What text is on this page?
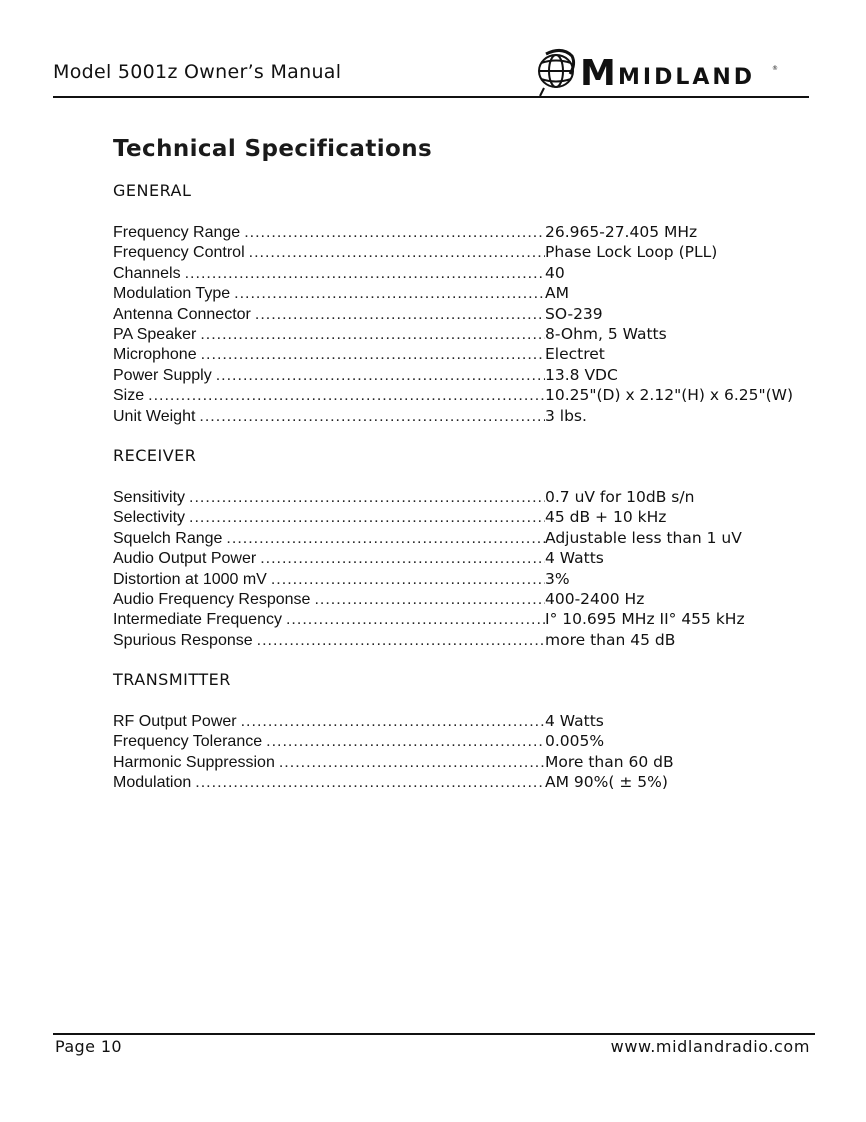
Model 5001z Owner’s Manual	M MIDLAND	®
Technical Specifications
GENERAL
Frequency Range .....	26.965-27.405 MHz
Frequency Control .....	Phase Lock Loop (PLL)
Channels .....	40
Modulation Type .....	AM
Antenna Connector .....	SO-239
PA Speaker .....	8-Ohm, 5 Watts
Microphone .....	Electret
Power Supply .....	13.8 VDC
Size .....	10.25"(D) x 2.12"(H) x 6.25"(W)
Unit Weight .....	3 lbs.
RECEIVER
Sensitivity .....	0.7 uV for 10dB s/n
Selectivity .....	45 dB + 10 kHz
Squelch Range .....	Adjustable less than 1 uV
Audio Output Power .....	4 Watts
Distortion at 1000 mV .....	3%
Audio Frequency Response .....	400-2400 Hz
Intermediate Frequency .....	I° 10.695 MHz II° 455 kHz
Spurious Response .....	more than 45 dB
TRANSMITTER
RF Output Power .....	4 Watts
Frequency Tolerance .....	0.005%
Harmonic Suppression .....	More than 60 dB
Modulation .....	AM 90%( ± 5%)
Page 10	www.midlandradio.com
